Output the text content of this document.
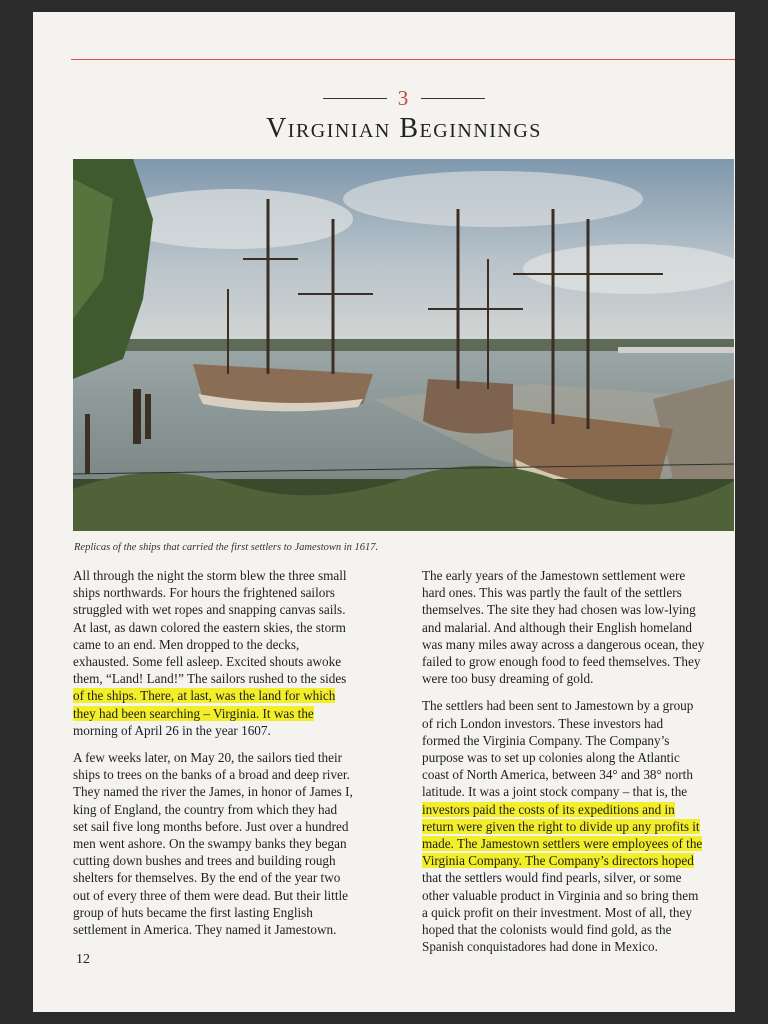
3
Virginian Beginnings
Replicas of the ships that carried the first settlers to Jamestown in 1617.

All through the night the storm blew the three small
ships northwards. For hours the frightened sailors
struggled with wet ropes and snapping canvas sails.
At last, as dawn colored the eastern skies, the storm
came to an end. Men dropped to the decks,
exhausted. Some fell asleep. Excited shouts awoke
them, “Land! Land!” The sailors rushed to the sides
of the ships. There, at last, was the land for which
they had been searching – Virginia. It was the
morning of April 26 in the year 1607.

A few weeks later, on May 20, the sailors tied their
ships to trees on the banks of a broad and deep river.
They named the river the James, in honor of James I,
king of England, the country from which they had
set sail five long months before. Just over a hundred
men went ashore. On the swampy banks they began
cutting down bushes and trees and building rough
shelters for themselves. By the end of the year two
out of every three of them were dead. But their little
group of huts became the first lasting English
settlement in America. They named it Jamestown.

The early years of the Jamestown settlement were
hard ones. This was partly the fault of the settlers
themselves. The site they had chosen was low-lying
and malarial. And although their English homeland
was many miles away across a dangerous ocean, they
failed to grow enough food to feed themselves. They
were too busy dreaming of gold.

The settlers had been sent to Jamestown by a group
of rich London investors. These investors had
formed the Virginia Company. The Company’s
purpose was to set up colonies along the Atlantic
coast of North America, between 34° and 38° north
latitude. It was a joint stock company – that is, the
investors paid the costs of its expeditions and in
return were given the right to divide up any profits it
made. The Jamestown settlers were employees of the
Virginia Company. The Company’s directors hoped
that the settlers would find pearls, silver, or some
other valuable product in Virginia and so bring them
a quick profit on their investment. Most of all, they
hoped that the colonists would find gold, as the
Spanish conquistadores had done in Mexico.

12
